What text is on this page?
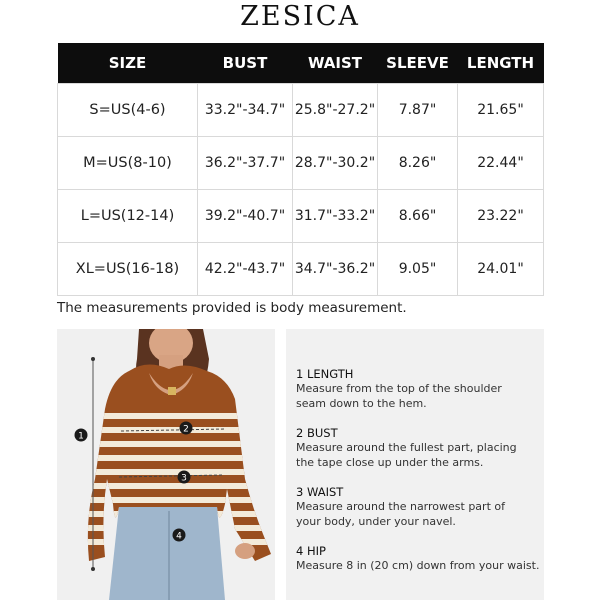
ZESICA
SIZE	BUST	WAIST	SLEEVE	LENGTH
S=US(4-6)	33.2"-34.7"	25.8"-27.2"	7.87"	21.65"
M=US(8-10)	36.2"-37.7"	28.7"-30.2"	8.26"	22.44"
L=US(12-14)	39.2"-40.7"	31.7"-33.2"	8.66"	23.22"
XL=US(16-18)	42.2"-43.7"	34.7"-36.2"	9.05"	24.01"
The measurements provided is body measurement.
1
2
3
4
1 LENGTH
Measure from the top of the shoulder
seam down to the hem.
2 BUST
Measure around the fullest part, placing
the tape close up under the arms.
3 WAIST
Measure around the narrowest part of
your body, under your navel.
4 HIP
Measure 8 in (20 cm) down from your waist.
